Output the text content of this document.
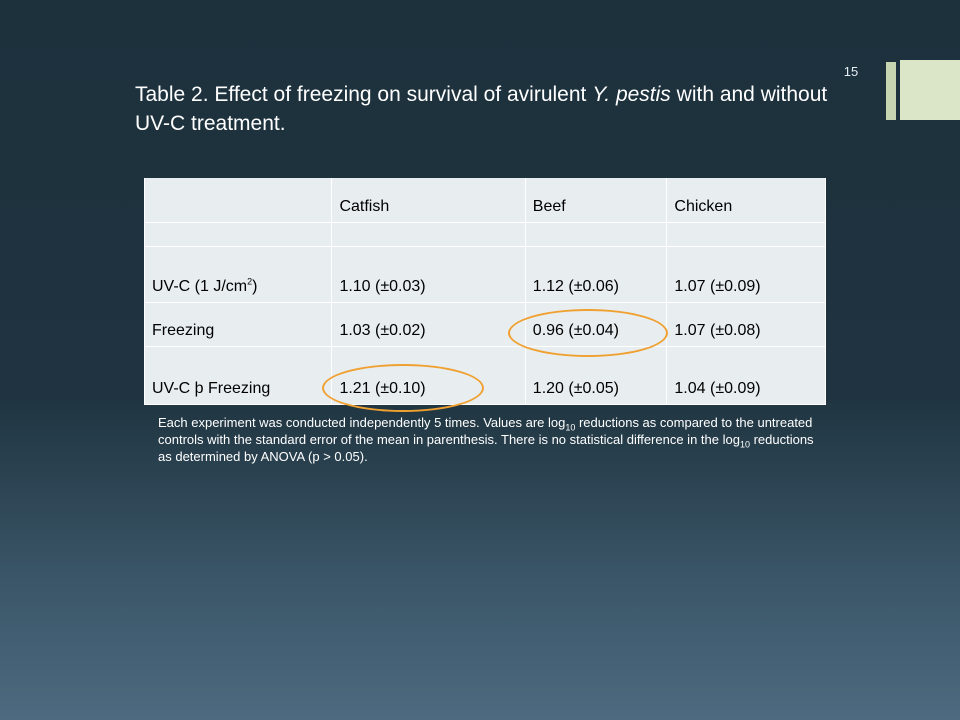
15
Table 2. Effect of freezing on survival of avirulent Y. pestis with and without UV-C treatment.
	Catfish	Beef	Chicken

UV-C (1 $J/cm^2$)	1.10 (±0.03)	1.12 (±0.06)	1.07 (±0.09)
Freezing	1.03 (±0.02)	0.96 (±0.04)	1.07 (±0.08)
UV-C þ Freezing	1.21 (±0.10)	1.20 (±0.05)	1.04 (±0.09)
Each experiment was conducted independently 5 times. Values are $\log_{10}$ reductions as compared to the untreated controls with the standard error of the mean in parenthesis. There is no statistical difference in the $\log_{10}$ reductions as determined by ANOVA (p > 0.05).
